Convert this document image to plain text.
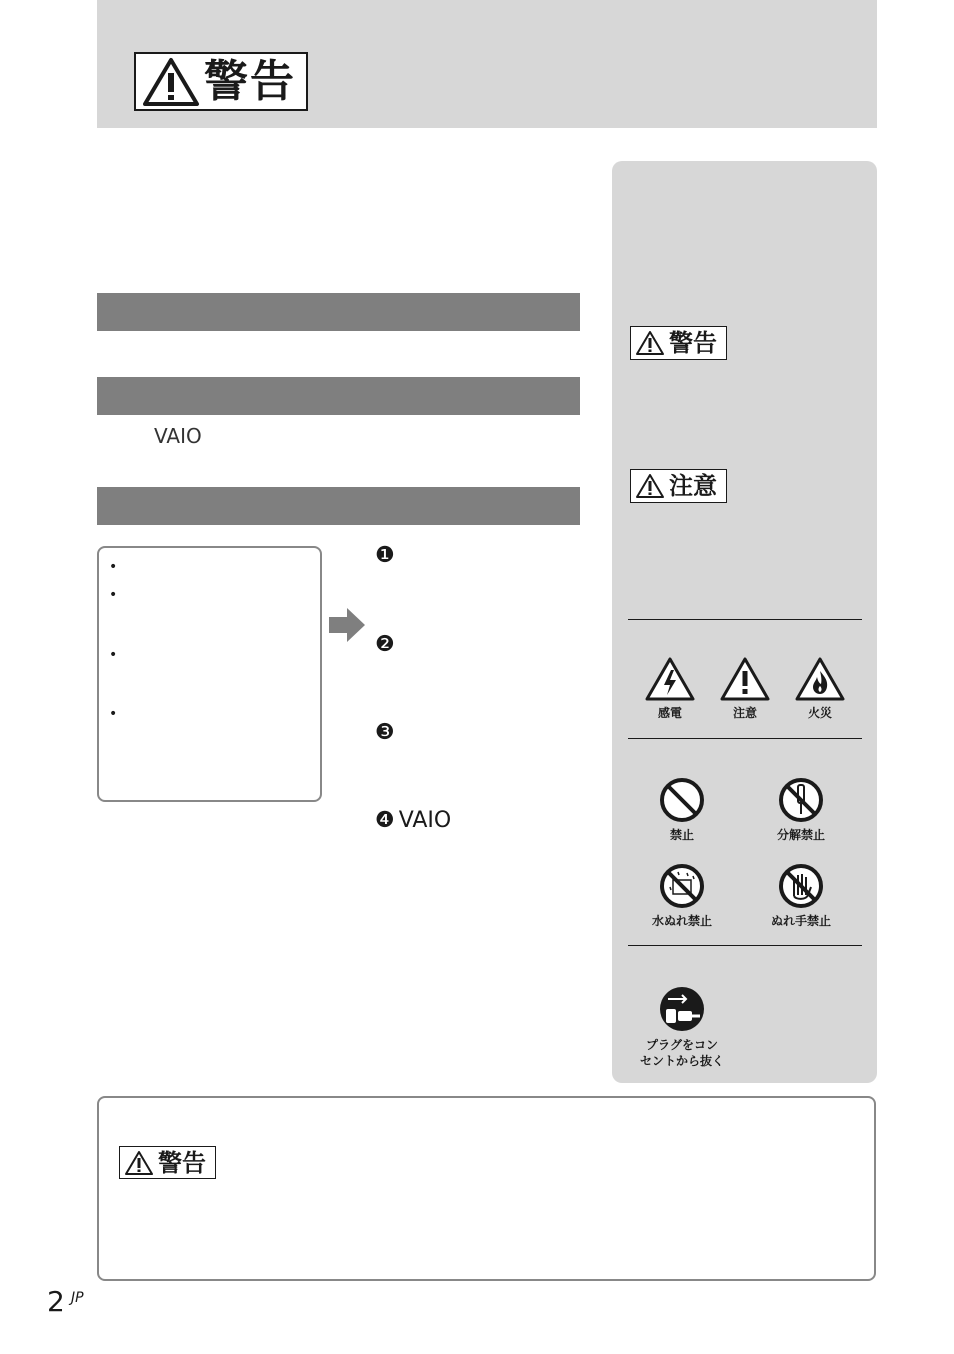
警告
VAIO
•
•
•
•
❶
❷
❸
❹ VAIO
警告
注意
感電	注意	火災
禁止	分解禁止
水ぬれ禁止	ぬれ手禁止
プラグをコン
セントから抜く
警告
2 JP
